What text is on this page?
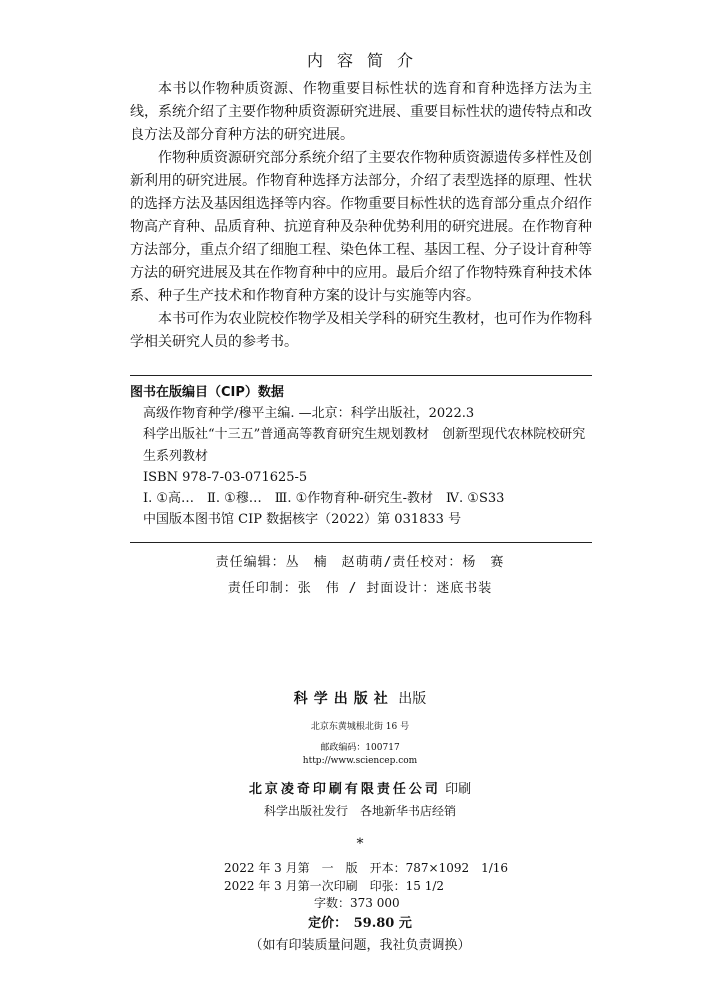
内容简介

本书以作物种质资源、作物重要目标性状的选育和育种选择方法为主线，系统介绍了主要作物种质资源研究进展、重要目标性状的遗传特点和改良方法及部分育种方法的研究进展。

作物种质资源研究部分系统介绍了主要农作物种质资源遗传多样性及创新利用的研究进展。作物育种选择方法部分，介绍了表型选择的原理、性状的选择方法及基因组选择等内容。作物重要目标性状的选育部分重点介绍作物高产育种、品质育种、抗逆育种及杂种优势利用的研究进展。在作物育种方法部分，重点介绍了细胞工程、染色体工程、基因工程、分子设计育种等方法的研究进展及其在作物育种中的应用。最后介绍了作物特殊育种技术体系、种子生产技术和作物育种方案的设计与实施等内容。

本书可作为农业院校作物学及相关学科的研究生教材，也可作为作物科学相关研究人员的参考书。

图书在版编目（CIP）数据
高级作物育种学/穆平主编. —北京：科学出版社，2022.3
科学出版社“十三五”普通高等教育研究生规划教材　创新型现代农林院校研究生系列教材
ISBN 978-7-03-071625-5
Ⅰ. ①高…　Ⅱ. ①穆…　Ⅲ. ①作物育种-研究生-教材　Ⅳ. ①S33
中国版本图书馆 CIP 数据核字（2022）第 031833 号
责任编辑：丛　楠　赵萌萌/责任校对：杨　赛
责任印制：张　伟 / 封面设计：迷底书装
科学出版社 出版
北京东黄城根北街 16 号
邮政编码：100717
http://www.sciencep.com
北京凌奇印刷有限责任公司 印刷
科学出版社发行　各地新华书店经销
*
2022 年 3 月第　一　版　开本：787×1092　1/16
2022 年 3 月第一次印刷　印张：15 1/2
字数：373 000
定价：　59.80 元
（如有印装质量问题，我社负责调换）
